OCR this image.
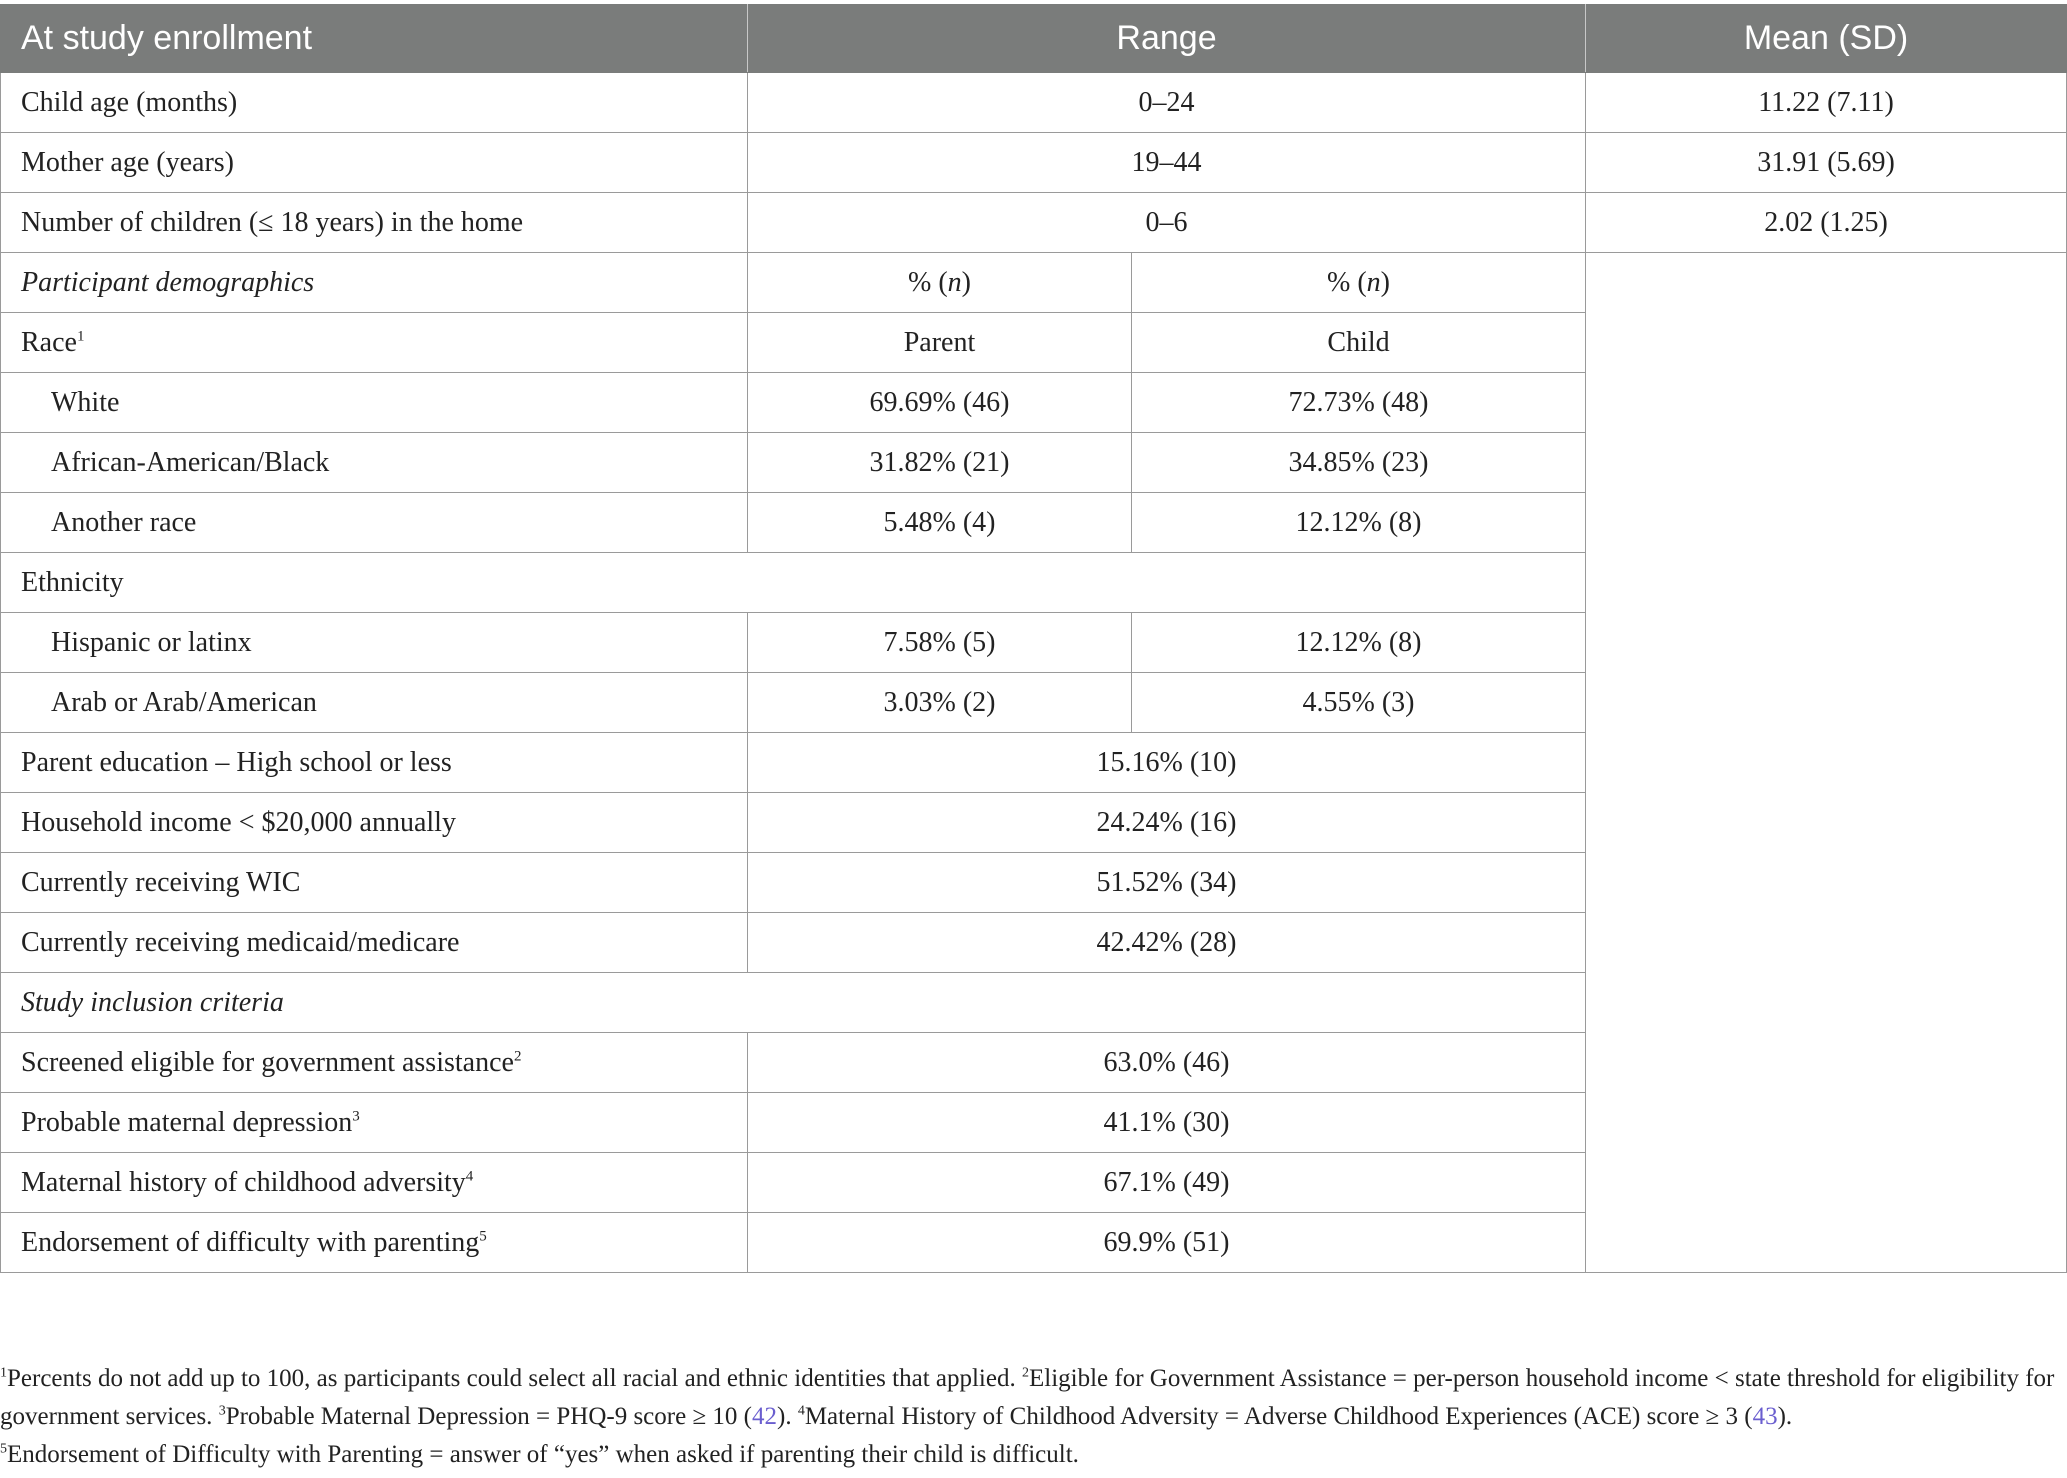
At study enrollment	Range		Mean (SD)
Child age (months)	0–24		11.22 (7.11)
Mother age (years)	19–44		31.91 (5.69)
Number of children (≤ 18 years) in the home	0–6		2.02 (1.25)
Participant demographics	% (n)	% (n)	
Race$^1$	Parent	Child	
White	69.69% (46)	72.73% (48)	
African-American/Black	31.82% (21)	34.85% (23)	
Another race	5.48% (4)	12.12% (8)	
Ethnicity			
Hispanic or latinx	7.58% (5)	12.12% (8)	
Arab or Arab/American	3.03% (2)	4.55% (3)	
Parent education – High school or less	15.16% (10)		
Household income < $20,000 annually	24.24% (16)		
Currently receiving WIC	51.52% (34)		
Currently receiving medicaid/medicare	42.42% (28)		
Study inclusion criteria			
Screened eligible for government assistance$^2$	63.0% (46)		
Probable maternal depression$^3$	41.1% (30)		
Maternal history of childhood adversity$^4$	67.1% (49)		
Endorsement of difficulty with parenting$^5$	69.9% (51)		
$^1$Percents do not add up to 100, as participants could select all racial and ethnic identities that applied. $^2$Eligible for Government Assistance = per-person household income < state threshold for eligibility for government services. $^3$Probable Maternal Depression = PHQ-9 score ≥ 10 (42). $^4$Maternal History of Childhood Adversity = Adverse Childhood Experiences (ACE) score ≥ 3 (43).
$^5$Endorsement of Difficulty with Parenting = answer of “yes” when asked if parenting their child is difficult.
